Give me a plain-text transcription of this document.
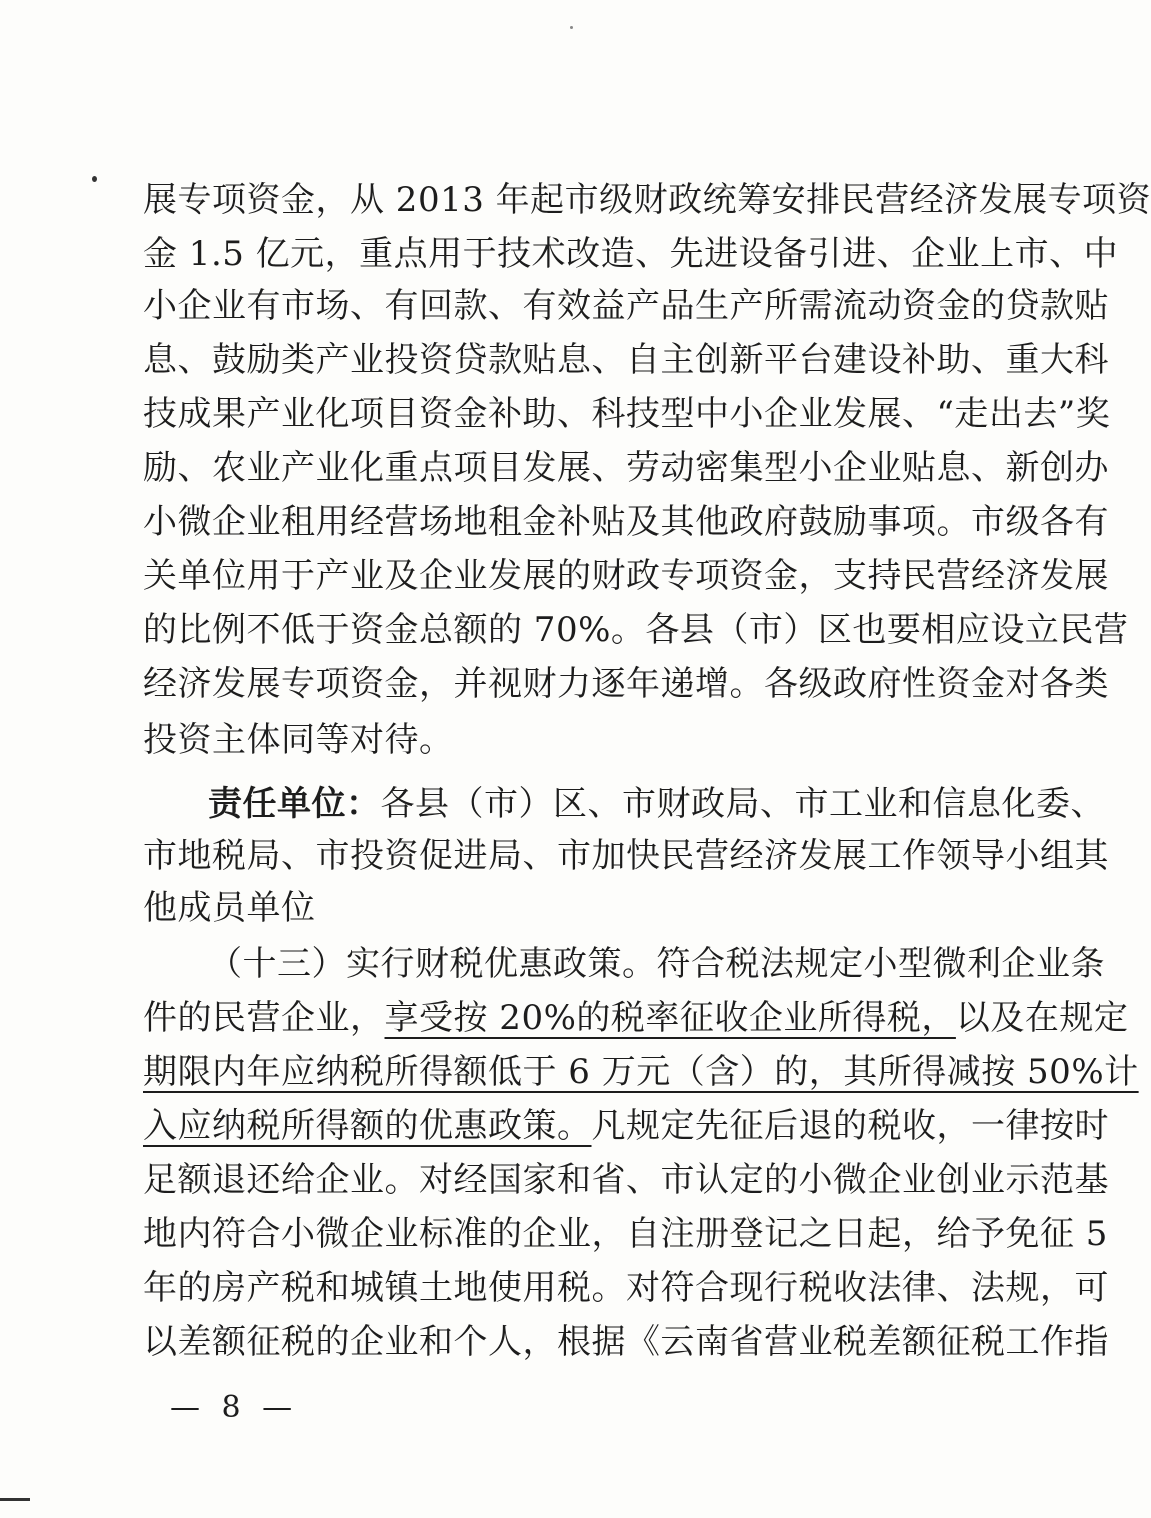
展专项资金，从 2013 年起市级财政统筹安排民营经济发展专项资
金 1.5 亿元，重点用于技术改造、先进设备引进、企业上市、中
小企业有市场、有回款、有效益产品生产所需流动资金的贷款贴
息、鼓励类产业投资贷款贴息、自主创新平台建设补助、重大科
技成果产业化项目资金补助、科技型中小企业发展、“走出去”奖
励、农业产业化重点项目发展、劳动密集型小企业贴息、新创办
小微企业租用经营场地租金补贴及其他政府鼓励事项。市级各有
关单位用于产业及企业发展的财政专项资金，支持民营经济发展
的比例不低于资金总额的 70%。各县（市）区也要相应设立民营
经济发展专项资金，并视财力逐年递增。各级政府性资金对各类
投资主体同等对待。
责任单位：各县（市）区、市财政局、市工业和信息化委、
市地税局、市投资促进局、市加快民营经济发展工作领导小组其
他成员单位
（十三）实行财税优惠政策。符合税法规定小型微利企业条
件的民营企业，享受按 20%的税率征收企业所得税，以及在规定
期限内年应纳税所得额低于 6 万元（含）的，其所得减按 50%计
入应纳税所得额的优惠政策。凡规定先征后退的税收，一律按时
足额退还给企业。对经国家和省、市认定的小微企业创业示范基
地内符合小微企业标准的企业，自注册登记之日起，给予免征 5
年的房产税和城镇土地使用税。对符合现行税收法律、法规，可
以差额征税的企业和个人，根据《云南省营业税差额征税工作指
— 8 —
